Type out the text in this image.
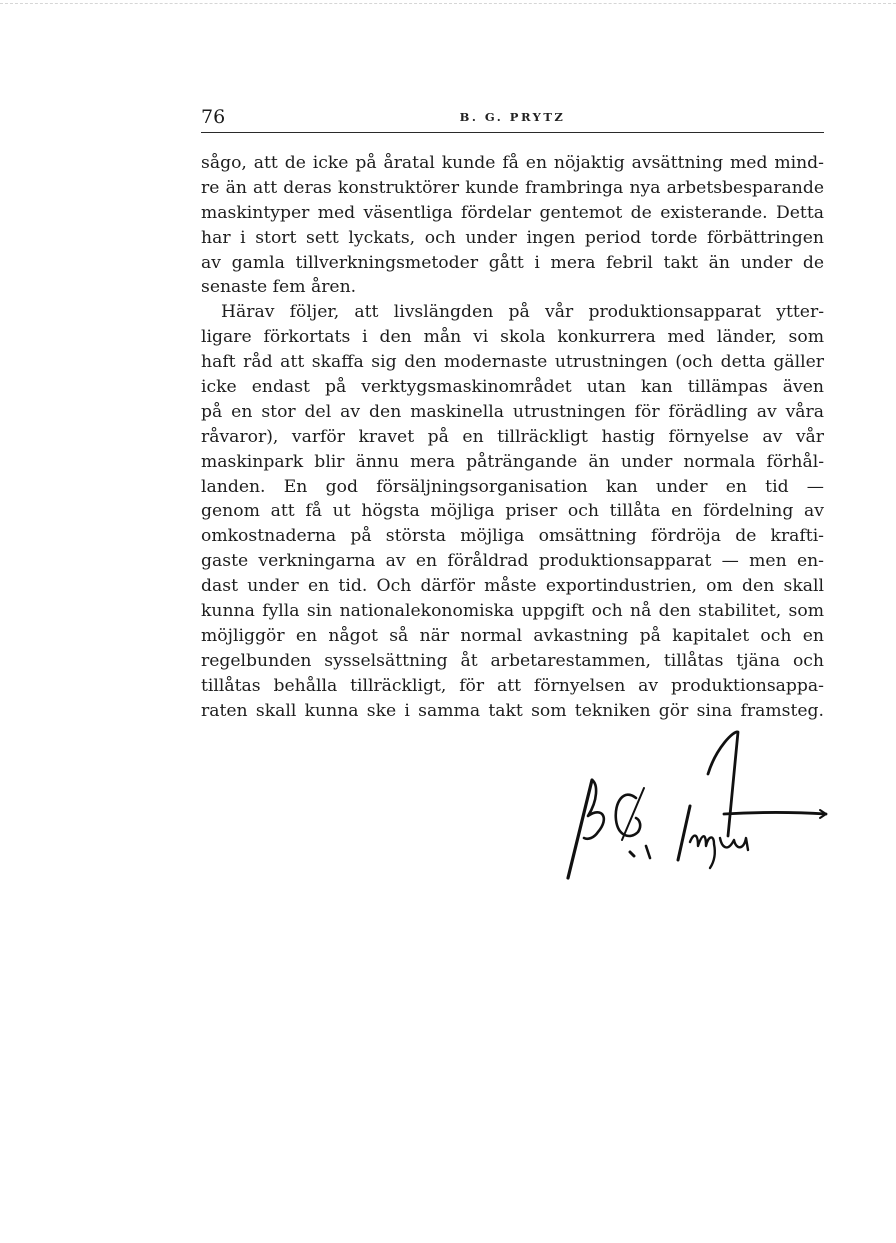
76	B. G. PRYTZ
sågo, att de icke på åratal kunde få en nöjaktig avsättning med mind-
re än att deras konstruktörer kunde frambringa nya arbetsbesparande
maskintyper med väsentliga fördelar gentemot de existerande. Detta
har i stort sett lyckats, och under ingen period torde förbättringen
av gamla tillverkningsmetoder gått i mera febril takt än under de
senaste fem åren.
Härav följer, att livslängden på vår produktionsapparat ytter-
ligare förkortats i den mån vi skola konkurrera med länder, som
haft råd att skaffa sig den modernaste utrustningen (och detta gäller
icke endast på verktygsmaskinområdet utan kan tillämpas även
på en stor del av den maskinella utrustningen för förädling av våra
råvaror), varför kravet på en tillräckligt hastig förnyelse av vår
maskinpark blir ännu mera påträngande än under normala förhål-
landen. En god försäljningsorganisation kan under en tid —
genom att få ut högsta möjliga priser och tillåta en fördelning av
omkostnaderna på största möjliga omsättning fördröja de krafti-
gaste verkningarna av en föråldrad produktionsapparat — men en-
dast under en tid. Och därför måste exportindustrien, om den skall
kunna fylla sin nationalekonomiska uppgift och nå den stabilitet, som
möjliggör en något så när normal avkastning på kapitalet och en
regelbunden sysselsättning åt arbetarestammen, tillåtas tjäna och
tillåtas behålla tillräckligt, för att förnyelsen av produktionsappa-
raten skall kunna ske i samma takt som tekniken gör sina framsteg.
